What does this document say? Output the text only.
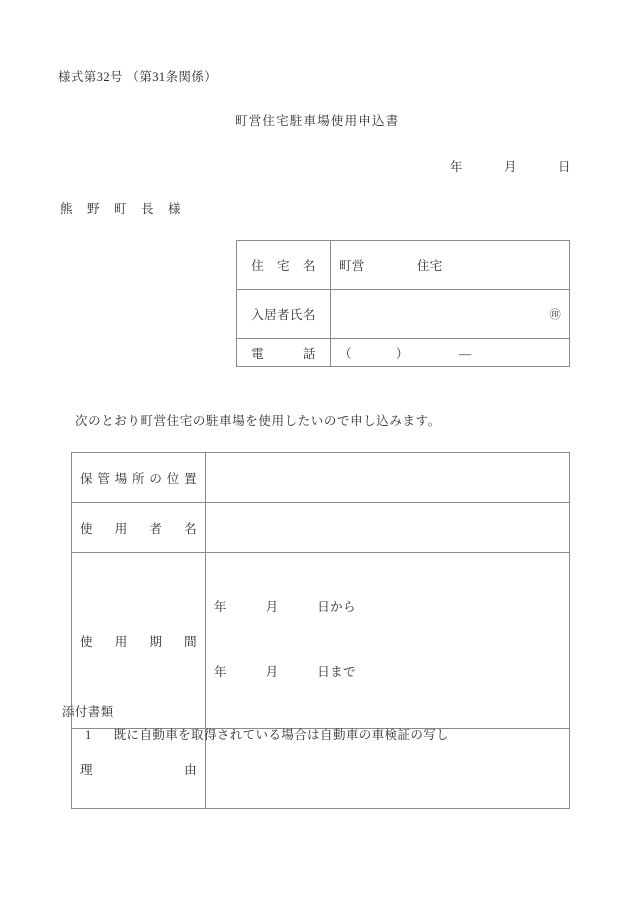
様式第32号 （第31条関係）
町営住宅駐車場使用申込書
年　　　月　　　日
熊　野　町　長　様
住　宅　名	町営 住宅
入居者氏名	㊞

電　　　話	（ ） ―
次のとおり町営住宅の駐車場を使用したいので申し込みます。
保管場所の位置	
使　用　者　名	
使　用　期　間	年　　　月　　　日から

年　　　月　　　日まで

理　　　　　由	
添付書類
1 既に自動車を取得されている場合は自動車の車検証の写し
